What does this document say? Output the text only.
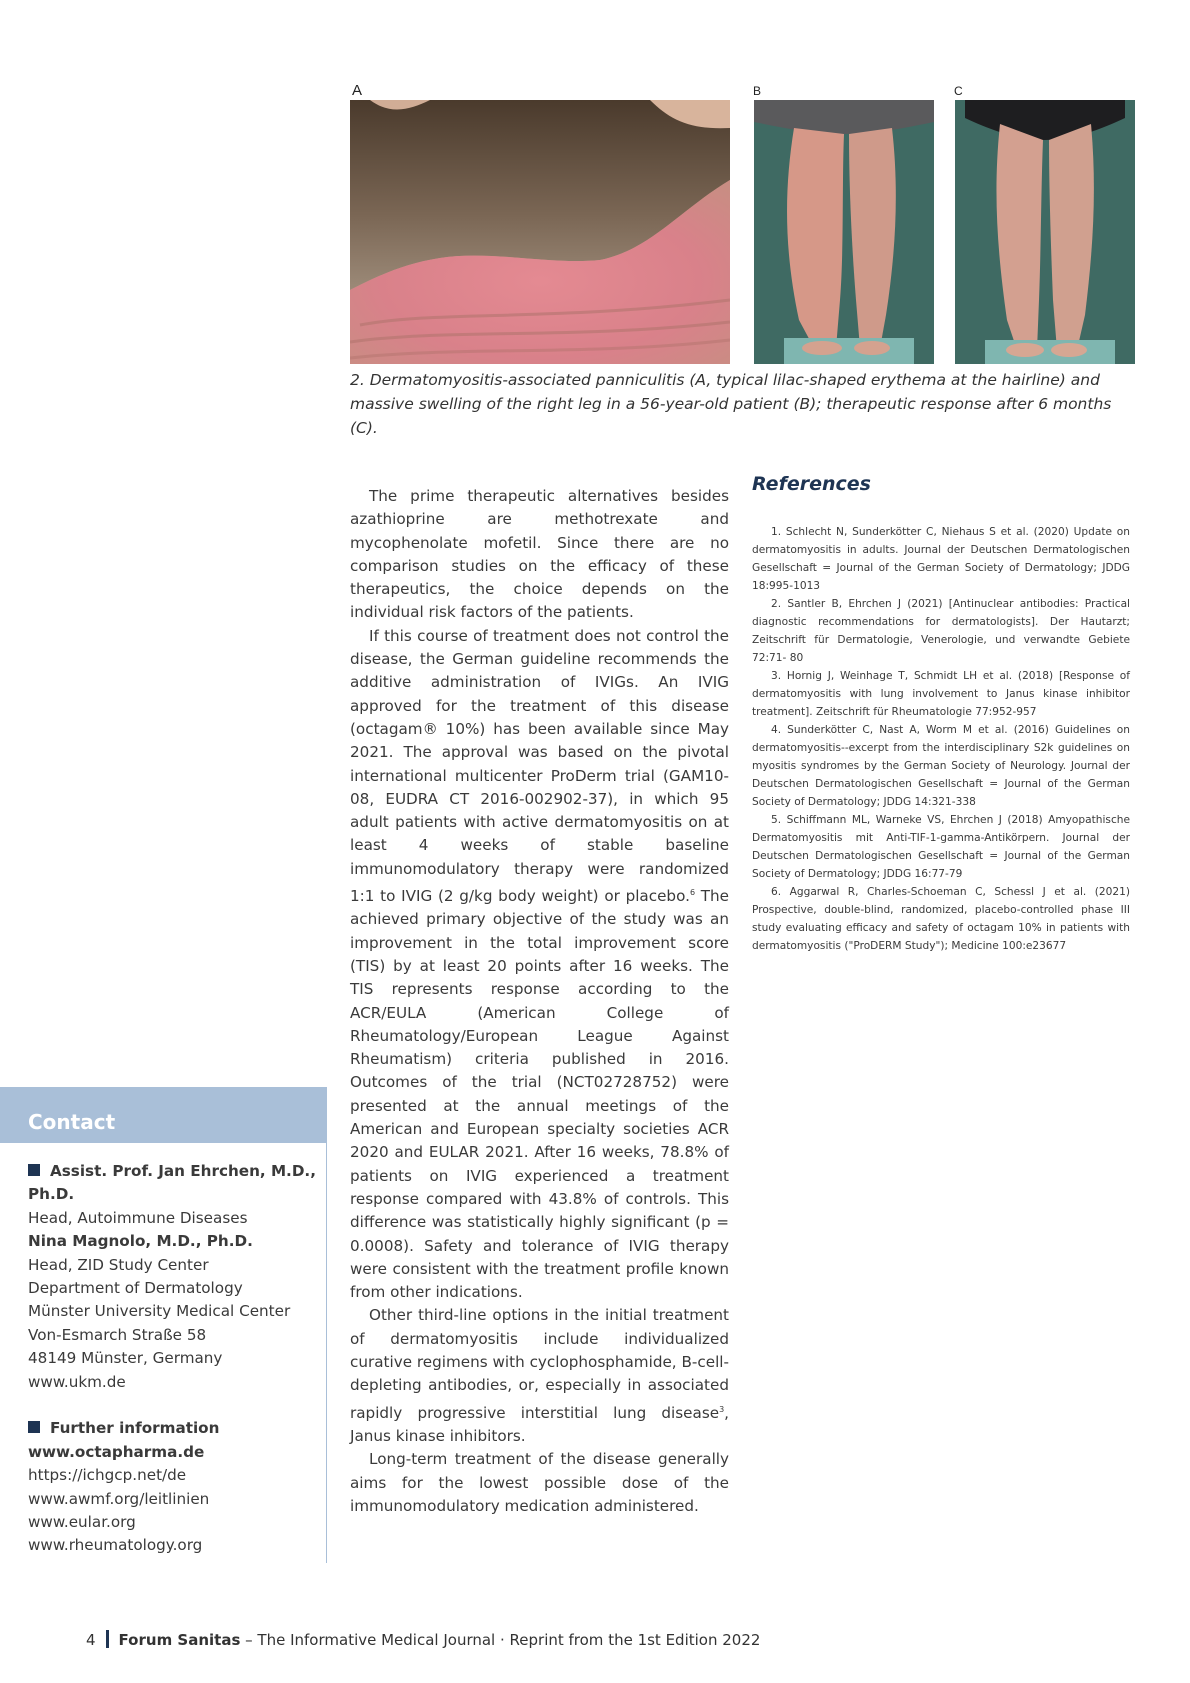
A	B	C
2. Dermatomyositis-associated panniculitis (A, typical lilac-shaped erythema at the hairline) and massive swelling of the right leg in a 56-year-old patient (B); therapeutic response after 6 months (C).

The prime therapeutic alternatives besides azathioprine are methotrexate and mycophenolate mofetil. Since there are no comparison studies on the efficacy of these therapeutics, the choice depends on the individual risk factors of the patients.

If this course of treatment does not control the disease, the German guideline recommends the additive administration of IVIGs. An IVIG approved for the treatment of this disease (octagam® 10%) has been available since May 2021. The approval was based on the pivotal international multicenter ProDerm trial (GAM10-08, EUDRA CT 2016-002902-37), in which 95 adult patients with active dermatomyositis on at least 4 weeks of stable baseline immunomodulatory therapy were randomized 1:1 to IVIG (2 g/kg body weight) or placebo.$^6$ The achieved primary objective of the study was an improvement in the total improvement score (TIS) by at least 20 points after 16 weeks. The TIS represents response according to the ACR/EULA (American College of Rheumatology/European League Against Rheumatism) criteria published in 2016. Outcomes of the trial (NCT02728752) were presented at the annual meetings of the American and European specialty societies ACR 2020 and EULAR 2021. After 16 weeks, 78.8% of patients on IVIG experienced a treatment response compared with 43.8% of controls. This difference was statistically highly significant (p = 0.0008). Safety and tolerance of IVIG therapy were consistent with the treatment profile known from other indications.

Other third-line options in the initial treatment of dermatomyositis include individualized curative regimens with cyclophosphamide, B-cell-depleting antibodies, or, especially in associated rapidly progressive interstitial lung disease$^3$, Janus kinase inhibitors.

Long-term treatment of the disease generally aims for the lowest possible dose of the immunomodulatory medication administered.

References

1. Schlecht N, Sunderkötter C, Niehaus S et al. (2020) Update on dermatomyositis in adults. Journal der Deutschen Dermatologischen Gesellschaft = Journal of the German Society of Dermatology; JDDG 18:995-1013

2. Santler B, Ehrchen J (2021) [Antinuclear antibodies: Practical diagnostic recommendations for dermatologists]. Der Hautarzt; Zeitschrift für Dermatologie, Venerologie, und verwandte Gebiete 72:71- 80

3. Hornig J, Weinhage T, Schmidt LH et al. (2018) [Response of dermatomyositis with lung involvement to Janus kinase inhibitor treatment]. Zeitschrift für Rheumatologie 77:952-957

4. Sunderkötter C, Nast A, Worm M et al. (2016) Guidelines on dermatomyositis--excerpt from the interdisciplinary S2k guidelines on myositis syndromes by the German Society of Neurology. Journal der Deutschen Dermatologischen Gesellschaft = Journal of the German Society of Dermatology; JDDG 14:321-338

5. Schiffmann ML, Warneke VS, Ehrchen J (2018) Amyopathische Dermatomyositis mit Anti-TIF-1-gamma-Antikörpern. Journal der Deutschen Dermatologischen Gesellschaft = Journal of the German Society of Dermatology; JDDG 16:77-79

6. Aggarwal R, Charles-Schoeman C, Schessl J et al. (2021) Prospective, double-blind, randomized, placebo-controlled phase III study evaluating efficacy and safety of octagam 10% in patients with dermatomyositis ("ProDERM Study"); Medicine 100:e23677

Contact
Assist. Prof. Jan Ehrchen, M.D., Ph.D.
Head, Autoimmune Diseases
Nina Magnolo, M.D., Ph.D.
Head, ZID Study Center
Department of Dermatology
Münster University Medical Center
Von-Esmarch Straße 58
48149 Münster, Germany
www.ukm.de
Further information
www.octapharma.de
https://ichgcp.net/de
www.awmf.org/leitlinien
www.eular.org
www.rheumatology.org
4 Forum Sanitas – The Informative Medical Journal · Reprint from the 1st Edition 2022
